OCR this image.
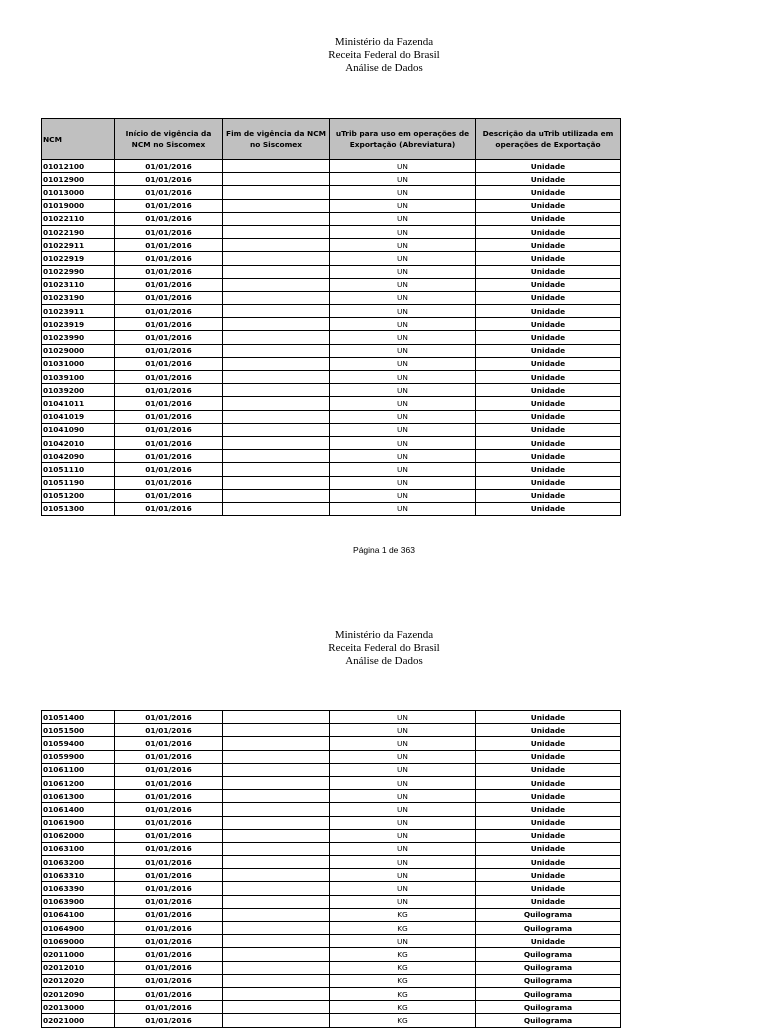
Ministério da Fazenda
Receita Federal do Brasil
Análise de Dados
NCM	Início de vigência da NCM no Siscomex	Fim de vigência da NCM no Siscomex	uTrib para uso em operações de Exportação (Abreviatura)	Descrição da uTrib utilizada em operações de Exportação
01012100	01/01/2016		UN	Unidade
01012900	01/01/2016		UN	Unidade
01013000	01/01/2016		UN	Unidade
01019000	01/01/2016		UN	Unidade
01022110	01/01/2016		UN	Unidade
01022190	01/01/2016		UN	Unidade
01022911	01/01/2016		UN	Unidade
01022919	01/01/2016		UN	Unidade
01022990	01/01/2016		UN	Unidade
01023110	01/01/2016		UN	Unidade
01023190	01/01/2016		UN	Unidade
01023911	01/01/2016		UN	Unidade
01023919	01/01/2016		UN	Unidade
01023990	01/01/2016		UN	Unidade
01029000	01/01/2016		UN	Unidade
01031000	01/01/2016		UN	Unidade
01039100	01/01/2016		UN	Unidade
01039200	01/01/2016		UN	Unidade
01041011	01/01/2016		UN	Unidade
01041019	01/01/2016		UN	Unidade
01041090	01/01/2016		UN	Unidade
01042010	01/01/2016		UN	Unidade
01042090	01/01/2016		UN	Unidade
01051110	01/01/2016		UN	Unidade
01051190	01/01/2016		UN	Unidade
01051200	01/01/2016		UN	Unidade
01051300	01/01/2016		UN	Unidade
Página 1 de 363
Ministério da Fazenda
Receita Federal do Brasil
Análise de Dados
01051400	01/01/2016		UN	Unidade
01051500	01/01/2016		UN	Unidade
01059400	01/01/2016		UN	Unidade
01059900	01/01/2016		UN	Unidade
01061100	01/01/2016		UN	Unidade
01061200	01/01/2016		UN	Unidade
01061300	01/01/2016		UN	Unidade
01061400	01/01/2016		UN	Unidade
01061900	01/01/2016		UN	Unidade
01062000	01/01/2016		UN	Unidade
01063100	01/01/2016		UN	Unidade
01063200	01/01/2016		UN	Unidade
01063310	01/01/2016		UN	Unidade
01063390	01/01/2016		UN	Unidade
01063900	01/01/2016		UN	Unidade
01064100	01/01/2016		KG	Quilograma
01064900	01/01/2016		KG	Quilograma
01069000	01/01/2016		UN	Unidade
02011000	01/01/2016		KG	Quilograma
02012010	01/01/2016		KG	Quilograma
02012020	01/01/2016		KG	Quilograma
02012090	01/01/2016		KG	Quilograma
02013000	01/01/2016		KG	Quilograma
02021000	01/01/2016		KG	Quilograma
